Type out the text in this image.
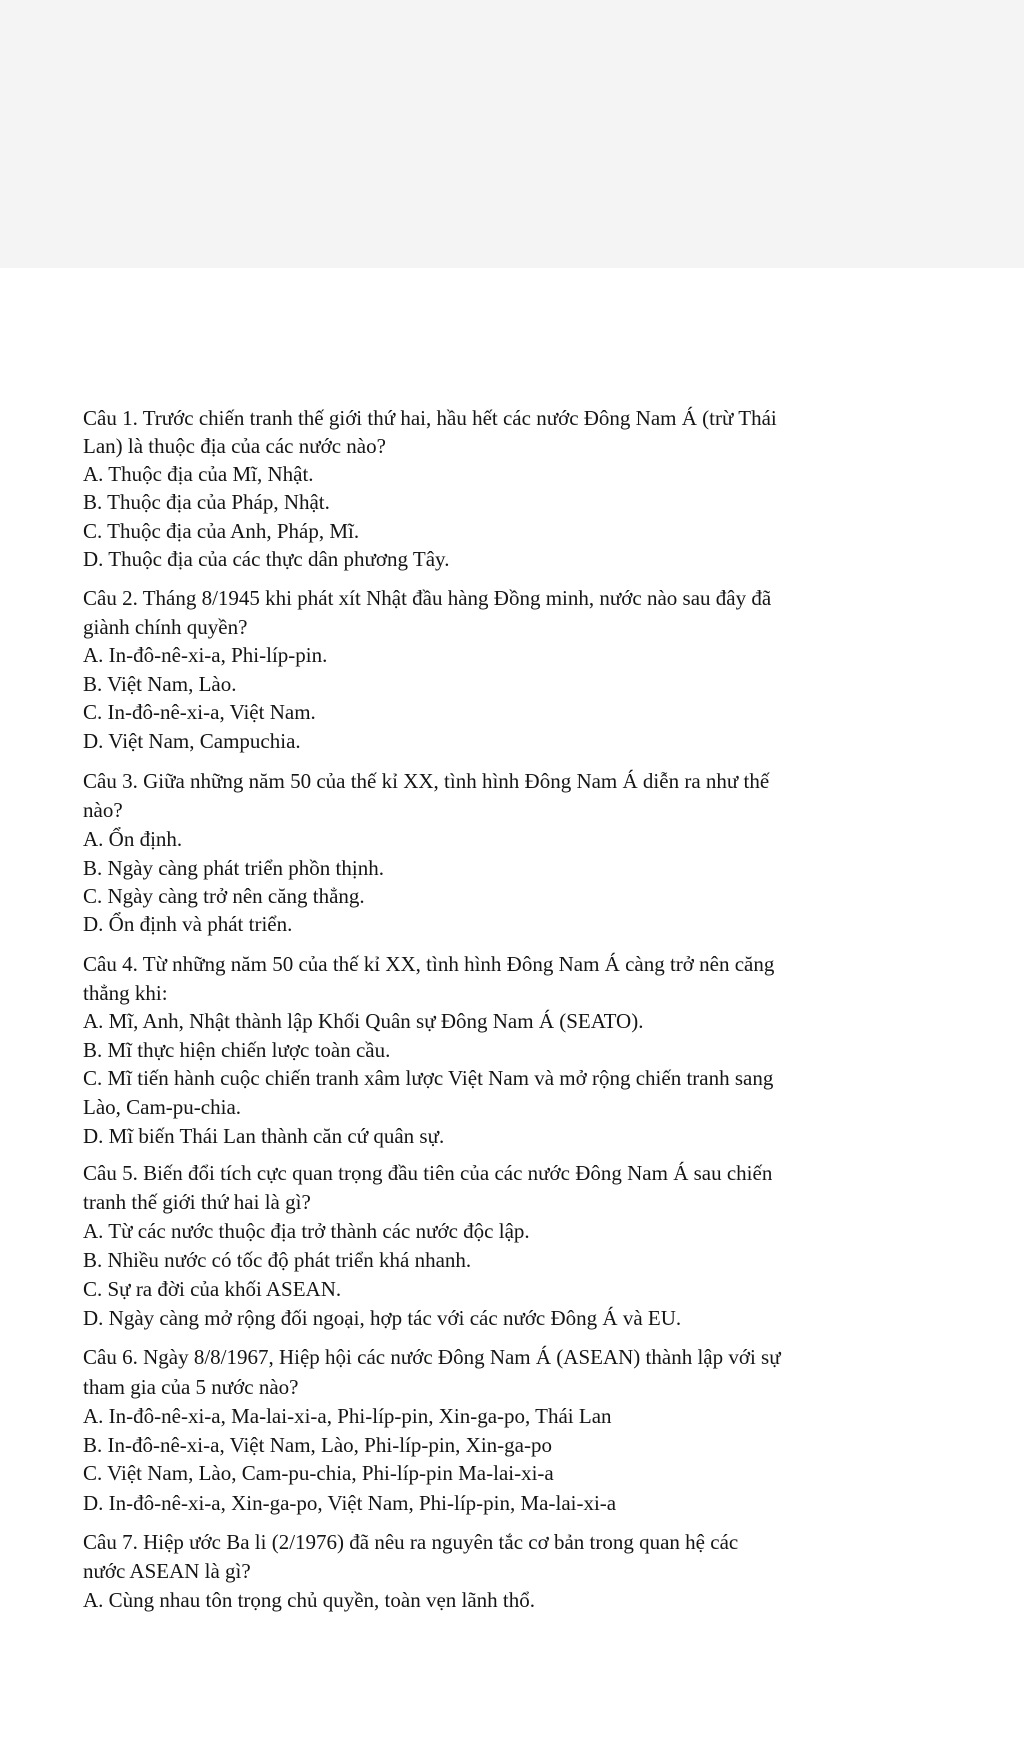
Câu 1. Trước chiến tranh thế giới thứ hai, hầu hết các nước Đông Nam Á (trừ Thái
Lan) là thuộc địa của các nước nào?
A. Thuộc địa của Mĩ, Nhật.
B. Thuộc địa của Pháp, Nhật.
C. Thuộc địa của Anh, Pháp, Mĩ.
D. Thuộc địa của các thực dân phương Tây.
Câu 2. Tháng 8/1945 khi phát xít Nhật đầu hàng Đồng minh, nước nào sau đây đã
giành chính quyền?
A. In-đô-nê-xi-a, Phi-líp-pin.
B. Việt Nam, Lào.
C. In-đô-nê-xi-a, Việt Nam.
D. Việt Nam, Campuchia.
Câu 3. Giữa những năm 50 của thế kỉ XX, tình hình Đông Nam Á diễn ra như thế
nào?
A. Ổn định.
B. Ngày càng phát triển phồn thịnh.
C. Ngày càng trở nên căng thẳng.
D. Ổn định và phát triển.
Câu 4. Từ những năm 50 của thế kỉ XX, tình hình Đông Nam Á càng trở nên căng
thẳng khi:
A. Mĩ, Anh, Nhật thành lập Khối Quân sự Đông Nam Á (SEATO).
B. Mĩ thực hiện chiến lược toàn cầu.
C. Mĩ tiến hành cuộc chiến tranh xâm lược Việt Nam và mở rộng chiến tranh sang
Lào, Cam-pu-chia.
D. Mĩ biến Thái Lan thành căn cứ quân sự.
Câu 5. Biến đổi tích cực quan trọng đầu tiên của các nước Đông Nam Á sau chiến
tranh thế giới thứ hai là gì?
A. Từ các nước thuộc địa trở thành các nước độc lập.
B. Nhiều nước có tốc độ phát triển khá nhanh.
C. Sự ra đời của khối ASEAN.
D. Ngày càng mở rộng đối ngoại, hợp tác với các nước Đông Á và EU.
Câu 6. Ngày 8/8/1967, Hiệp hội các nước Đông Nam Á (ASEAN) thành lập với sự
tham gia của 5 nước nào?
A. In-đô-nê-xi-a, Ma-lai-xi-a, Phi-líp-pin, Xin-ga-po, Thái Lan
B. In-đô-nê-xi-a, Việt Nam, Lào, Phi-líp-pin, Xin-ga-po
C. Việt Nam, Lào, Cam-pu-chia, Phi-líp-pin Ma-lai-xi-a
D. In-đô-nê-xi-a, Xin-ga-po, Việt Nam, Phi-líp-pin, Ma-lai-xi-a
Câu 7. Hiệp ước Ba li (2/1976) đã nêu ra nguyên tắc cơ bản trong quan hệ các
nước ASEAN là gì?
A. Cùng nhau tôn trọng chủ quyền, toàn vẹn lãnh thổ.
